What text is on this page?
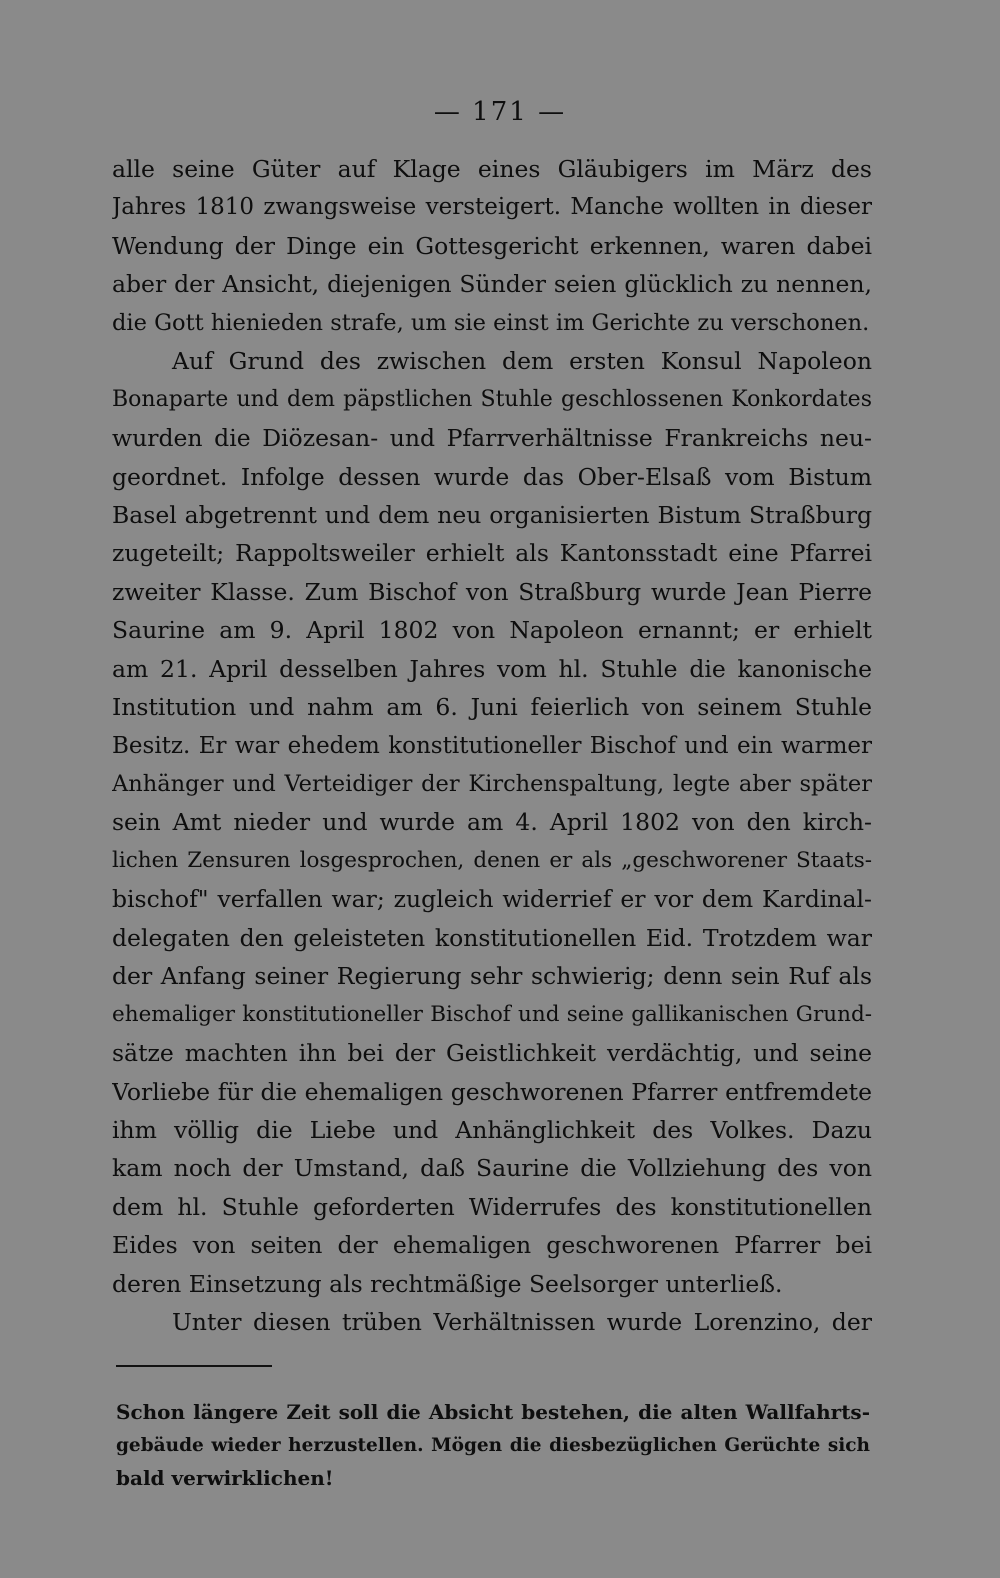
— 171 —
alle seine Güter auf Klage eines Gläubigers im März des
Jahres 1810 zwangsweise versteigert. Manche wollten in dieser
Wendung der Dinge ein Gottesgericht erkennen, waren dabei
aber der Ansicht, diejenigen Sünder seien glücklich zu nennen,
die Gott hienieden strafe, um sie einst im Gerichte zu verschonen.
Auf Grund des zwischen dem ersten Konsul Napoleon
Bonaparte und dem päpstlichen Stuhle geschlossenen Konkordates
wurden die Diözesan- und Pfarrverhältnisse Frankreichs neu-
geordnet. Infolge dessen wurde das Ober-Elsaß vom Bistum
Basel abgetrennt und dem neu organisierten Bistum Straßburg
zugeteilt; Rappoltsweiler erhielt als Kantonsstadt eine Pfarrei
zweiter Klasse. Zum Bischof von Straßburg wurde Jean Pierre
Saurine am 9. April 1802 von Napoleon ernannt; er erhielt
am 21. April desselben Jahres vom hl. Stuhle die kanonische
Institution und nahm am 6. Juni feierlich von seinem Stuhle
Besitz. Er war ehedem konstitutioneller Bischof und ein warmer
Anhänger und Verteidiger der Kirchenspaltung, legte aber später
sein Amt nieder und wurde am 4. April 1802 von den kirch-
lichen Zensuren losgesprochen, denen er als „geschworener Staats-
bischof" verfallen war; zugleich widerrief er vor dem Kardinal-
delegaten den geleisteten konstitutionellen Eid. Trotzdem war
der Anfang seiner Regierung sehr schwierig; denn sein Ruf als
ehemaliger konstitutioneller Bischof und seine gallikanischen Grund-
sätze machten ihn bei der Geistlichkeit verdächtig, und seine
Vorliebe für die ehemaligen geschworenen Pfarrer entfremdete
ihm völlig die Liebe und Anhänglichkeit des Volkes. Dazu
kam noch der Umstand, daß Saurine die Vollziehung des von
dem hl. Stuhle geforderten Widerrufes des konstitutionellen
Eides von seiten der ehemaligen geschworenen Pfarrer bei
deren Einsetzung als rechtmäßige Seelsorger unterließ.
Unter diesen trüben Verhältnissen wurde Lorenzino, der
Schon längere Zeit soll die Absicht bestehen, die alten Wallfahrts-
gebäude wieder herzustellen. Mögen die diesbezüglichen Gerüchte sich
bald verwirklichen!
